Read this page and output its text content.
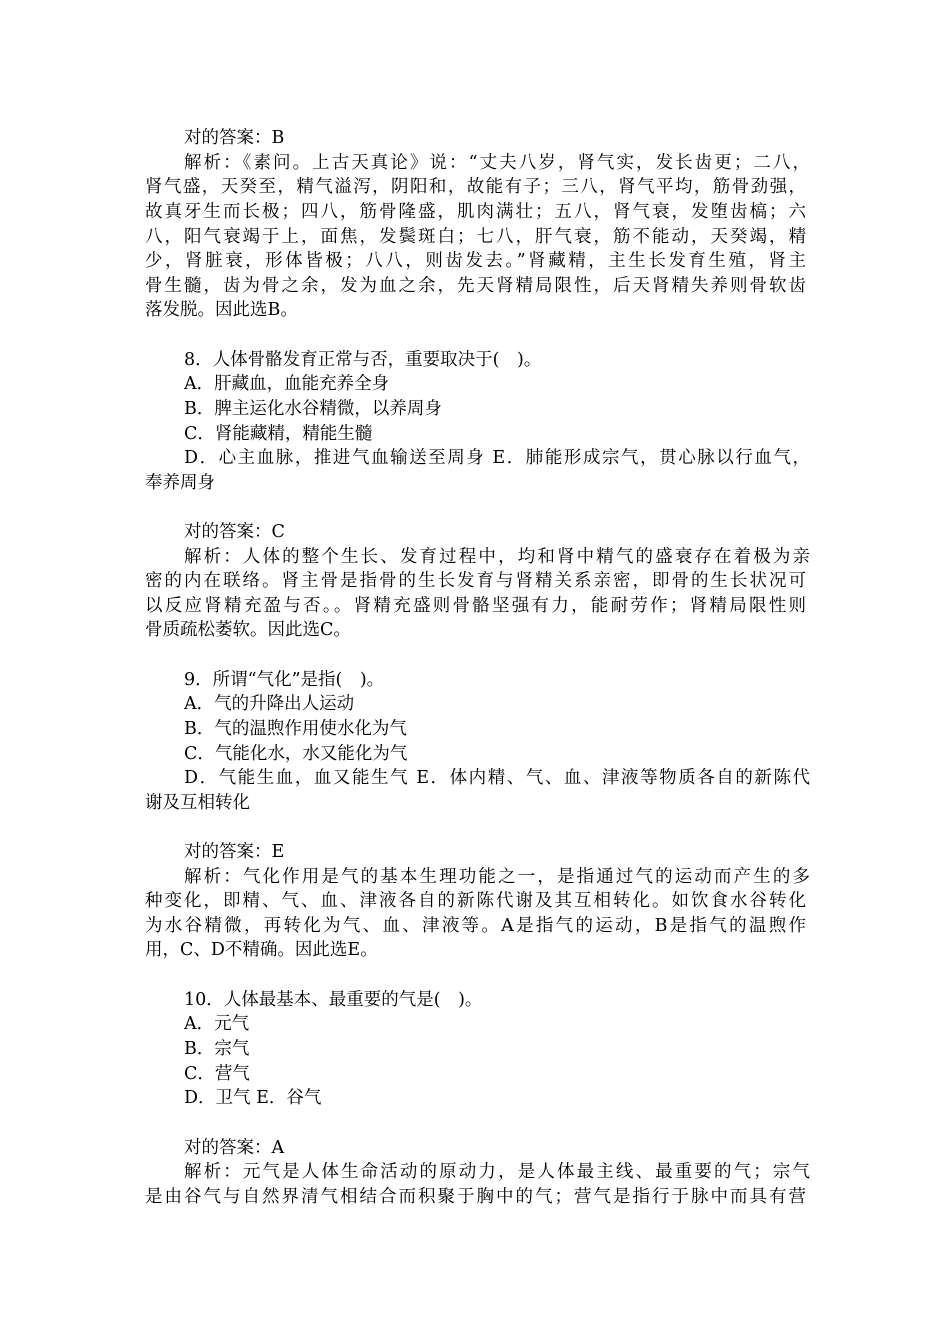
对的答案：B
解析：《素问。上古天真论》说：“丈夫八岁，肾气实，发长齿更；二八，
肾气盛，天癸至，精气溢泻，阴阳和，故能有子；三八，肾气平均，筋骨劲强，
故真牙生而长极；四八，筋骨隆盛，肌肉满壮；五八，肾气衰，发堕齿槁；六
八，阳气衰竭于上，面焦，发鬓斑白；七八，肝气衰，筋不能动，天癸竭，精
少，肾脏衰，形体皆极；八八，则齿发去。”肾藏精，主生长发育生殖，肾主
骨生髓，齿为骨之余，发为血之余，先天肾精局限性，后天肾精失养则骨软齿
落发脱。因此选B。
8．人体骨骼发育正常与否，重要取决于(　)。
A．肝藏血，血能充养全身
B．脾主运化水谷精微，以养周身
C．肾能藏精，精能生髓
D．心主血脉，推进气血输送至周身 E．肺能形成宗气，贯心脉以行血气，
奉养周身
对的答案：C
解析：人体的整个生长、发育过程中，均和肾中精气的盛衰存在着极为亲
密的内在联络。肾主骨是指骨的生长发育与肾精关系亲密，即骨的生长状况可
以反应肾精充盈与否。。肾精充盛则骨骼坚强有力，能耐劳作；肾精局限性则
骨质疏松萎软。因此选C。
9．所谓“气化”是指(　)。
A．气的升降出人运动
B．气的温煦作用使水化为气
C．气能化水，水又能化为气
D．气能生血，血又能生气 E．体内精、气、血、津液等物质各自的新陈代
谢及互相转化
对的答案：E
解析：气化作用是气的基本生理功能之一，是指通过气的运动而产生的多
种变化，即精、气、血、津液各自的新陈代谢及其互相转化。如饮食水谷转化
为水谷精微，再转化为气、血、津液等。A是指气的运动，B是指气的温煦作
用，C、D不精确。因此选E。
10．人体最基本、最重要的气是(　)。
A．元气
B．宗气
C．营气
D．卫气 E．谷气
对的答案：A
解析：元气是人体生命活动的原动力，是人体最主线、最重要的气；宗气
是由谷气与自然界清气相结合而积聚于胸中的气；营气是指行于脉中而具有营
